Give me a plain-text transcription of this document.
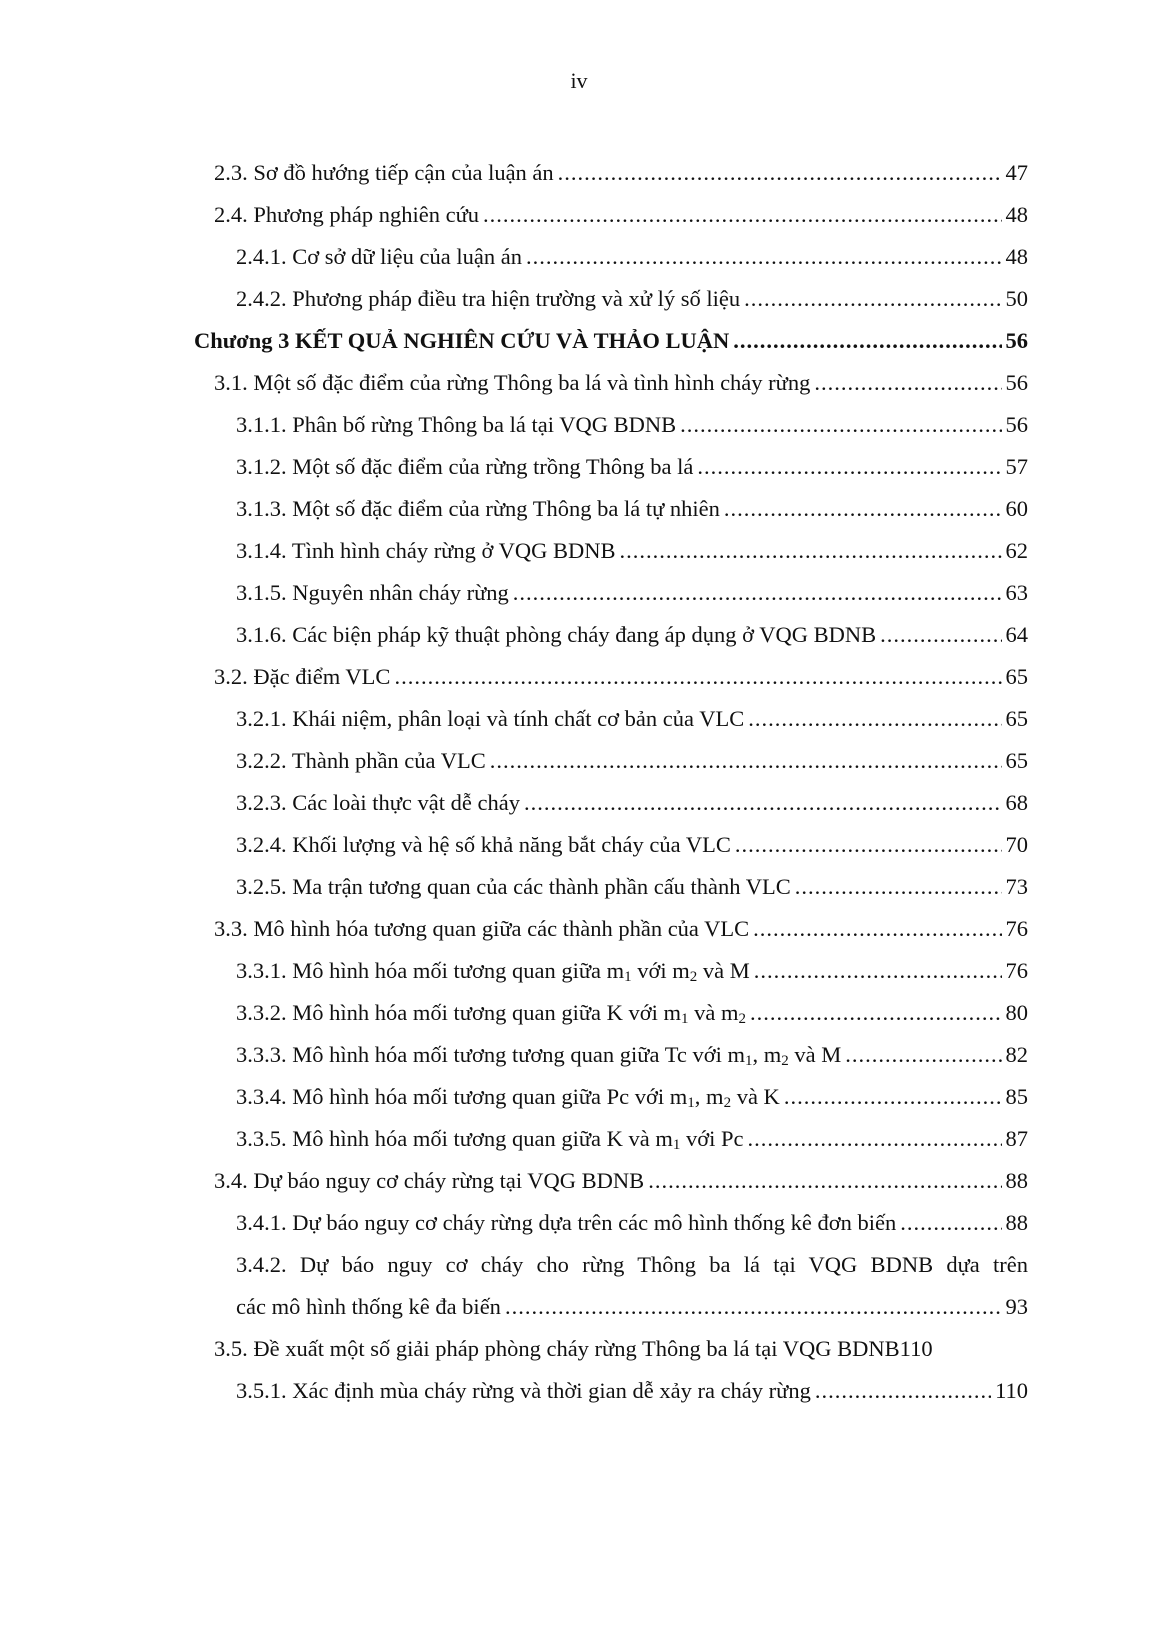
iv
2.3. Sơ đồ hướng tiếp cận của luận án .....	47
2.4. Phương pháp nghiên cứu .....	48
2.4.1. Cơ sở dữ liệu của luận án .....	48
2.4.2. Phương pháp điều tra hiện trường và xử lý số liệu .....	50
Chương 3 KẾT QUẢ NGHIÊN CỨU VÀ THẢO LUẬN .....	56
3.1. Một số đặc điểm của rừng Thông ba lá và tình hình cháy rừng .....	56
3.1.1. Phân bố rừng Thông ba lá tại VQG BDNB .....	56
3.1.2. Một số đặc điểm của rừng trồng Thông ba lá .....	57
3.1.3. Một số đặc điểm của rừng Thông ba lá tự nhiên .....	60
3.1.4. Tình hình cháy rừng ở VQG BDNB .....	62
3.1.5. Nguyên nhân cháy rừng .....	63
3.1.6. Các biện pháp kỹ thuật phòng cháy đang áp dụng ở VQG BDNB .....	64
3.2. Đặc điểm VLC .....	65
3.2.1. Khái niệm, phân loại và tính chất cơ bản của VLC .....	65
3.2.2. Thành phần của VLC .....	65
3.2.3. Các loài thực vật dễ cháy .....	68
3.2.4. Khối lượng và hệ số khả năng bắt cháy của VLC .....	70
3.2.5. Ma trận tương quan của các thành phần cấu thành VLC .....	73
3.3. Mô hình hóa tương quan giữa các thành phần của VLC .....	76
3.3.1. Mô hình hóa mối tương quan giữa $m_1$ với $m_2$ và M .....	76
3.3.2. Mô hình hóa mối tương quan giữa K với $m_1$ và $m_2$ .....	80
3.3.3. Mô hình hóa mối tương tương quan giữa Tc với $m_1$, $m_2$ và M .....	82
3.3.4. Mô hình hóa mối tương quan giữa Pc với $m_1$, $m_2$ và K .....	85
3.3.5. Mô hình hóa mối tương quan giữa K và $m_1$ với Pc .....	87
3.4. Dự báo nguy cơ cháy rừng tại VQG BDNB .....	88
3.4.1. Dự báo nguy cơ cháy rừng dựa trên các mô hình thống kê đơn biến .....	88
3.4.2. Dự báo nguy cơ cháy cho rừng Thông ba lá tại VQG BDNB dựa trên
các mô hình thống kê đa biến .....	93
3.5. Đề xuất một số giải pháp phòng cháy rừng Thông ba lá tại VQG BDNB 110
3.5.1. Xác định mùa cháy rừng và thời gian dễ xảy ra cháy rừng .....	110
